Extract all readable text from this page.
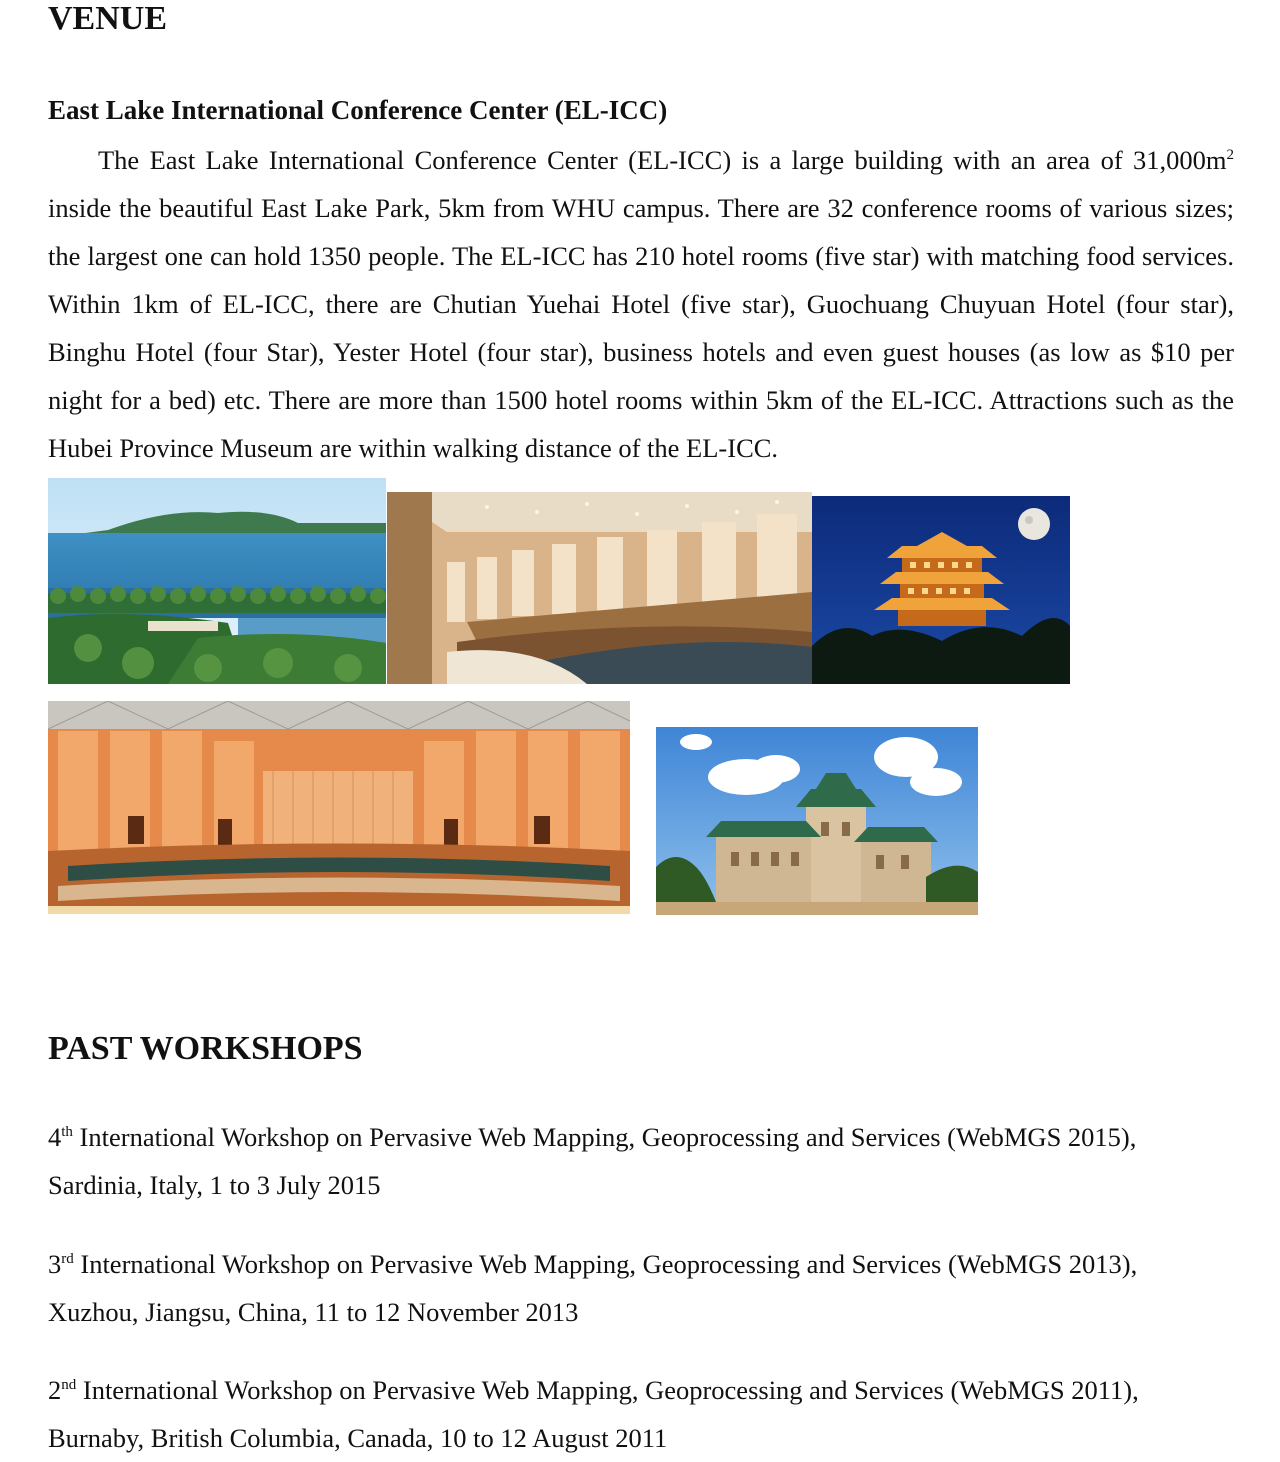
VENUE
East Lake International Conference Center (EL-ICC)

The East Lake International Conference Center (EL-ICC) is a large building with an area of $31,000m^2$ inside the beautiful East Lake Park, 5km from WHU campus. There are 32 conference rooms of various sizes; the largest one can hold 1350 people. The EL-ICC has 210 hotel rooms (five star) with matching food services. Within 1km of EL-ICC, there are Chutian Yuehai Hotel (five star), Guochuang Chuyuan Hotel (four star), Binghu Hotel (four Star), Yester Hotel (four star), business hotels and even guest houses (as low as $10 per night for a bed) etc. There are more than 1500 hotel rooms within 5km of the EL-ICC. Attractions such as the Hubei Province Museum are within walking distance of the EL-ICC.

PAST WORKSHOPS

4th International Workshop on Pervasive Web Mapping, Geoprocessing and Services (WebMGS 2015),
Sardinia, Italy, 1 to 3 July 2015

3rd International Workshop on Pervasive Web Mapping, Geoprocessing and Services (WebMGS 2013),
Xuzhou, Jiangsu, China, 11 to 12 November 2013

2nd International Workshop on Pervasive Web Mapping, Geoprocessing and Services (WebMGS 2011),
Burnaby, British Columbia, Canada, 10 to 12 August 2011
